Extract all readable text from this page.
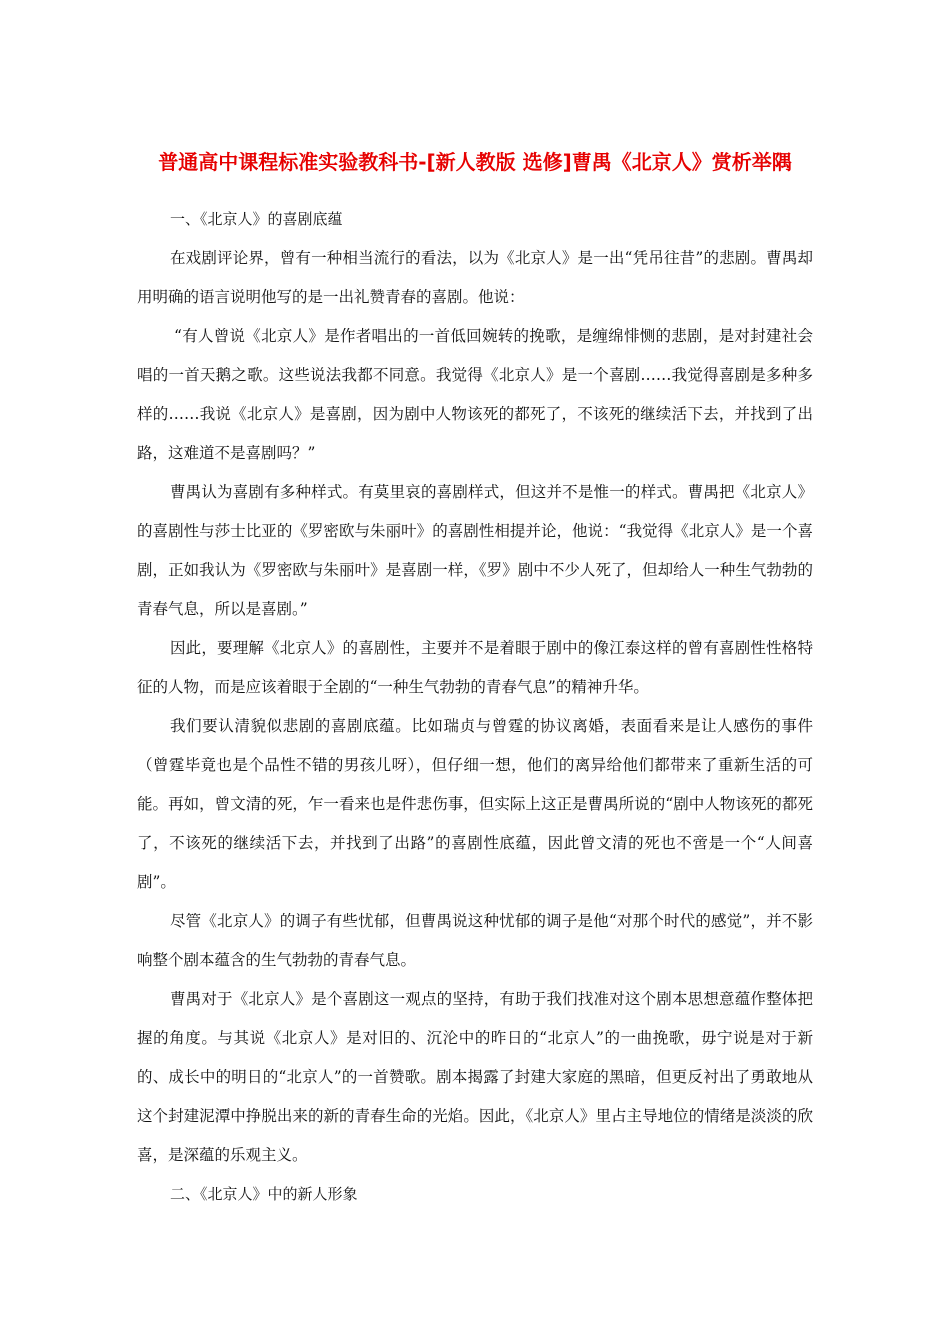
普通高中课程标准实验教科书-[新人教版 选修]曹禺《北京人》赏析举隅

一、《北京人》的喜剧底蕴

在戏剧评论界，曾有一种相当流行的看法，以为《北京人》是一出“凭吊往昔”的悲剧。曹禺却用明确的语言说明他写的是一出礼赞青春的喜剧。他说：

“有人曾说《北京人》是作者唱出的一首低回婉转的挽歌，是缠绵悱恻的悲剧，是对封建社会唱的一首天鹅之歌。这些说法我都不同意。我觉得《北京人》是一个喜剧……我觉得喜剧是多种多样的……我说《北京人》是喜剧，因为剧中人物该死的都死了，不该死的继续活下去，并找到了出路，这难道不是喜剧吗？”

曹禺认为喜剧有多种样式。有莫里哀的喜剧样式，但这并不是惟一的样式。曹禺把《北京人》的喜剧性与莎士比亚的《罗密欧与朱丽叶》的喜剧性相提并论，他说：“我觉得《北京人》是一个喜剧，正如我认为《罗密欧与朱丽叶》是喜剧一样，《罗》剧中不少人死了，但却给人一种生气勃勃的青春气息，所以是喜剧。”

因此，要理解《北京人》的喜剧性，主要并不是着眼于剧中的像江泰这样的曾有喜剧性性格特征的人物，而是应该着眼于全剧的“一种生气勃勃的青春气息”的精神升华。

我们要认清貌似悲剧的喜剧底蕴。比如瑞贞与曾霆的协议离婚，表面看来是让人感伤的事件（曾霆毕竟也是个品性不错的男孩儿呀），但仔细一想，他们的离异给他们都带来了重新生活的可能。再如，曾文清的死，乍一看来也是件悲伤事，但实际上这正是曹禺所说的“剧中人物该死的都死了，不该死的继续活下去，并找到了出路”的喜剧性底蕴，因此曾文清的死也不啻是一个“人间喜剧”。

尽管《北京人》的调子有些忧郁，但曹禺说这种忧郁的调子是他“对那个时代的感觉”，并不影响整个剧本蕴含的生气勃勃的青春气息。

曹禺对于《北京人》是个喜剧这一观点的坚持，有助于我们找准对这个剧本思想意蕴作整体把握的角度。与其说《北京人》是对旧的、沉沦中的昨日的“北京人”的一曲挽歌，毋宁说是对于新的、成长中的明日的“北京人”的一首赞歌。剧本揭露了封建大家庭的黑暗，但更反衬出了勇敢地从这个封建泥潭中挣脱出来的新的青春生命的光焰。因此，《北京人》里占主导地位的情绪是淡淡的欣喜，是深蕴的乐观主义。

二、《北京人》中的新人形象
